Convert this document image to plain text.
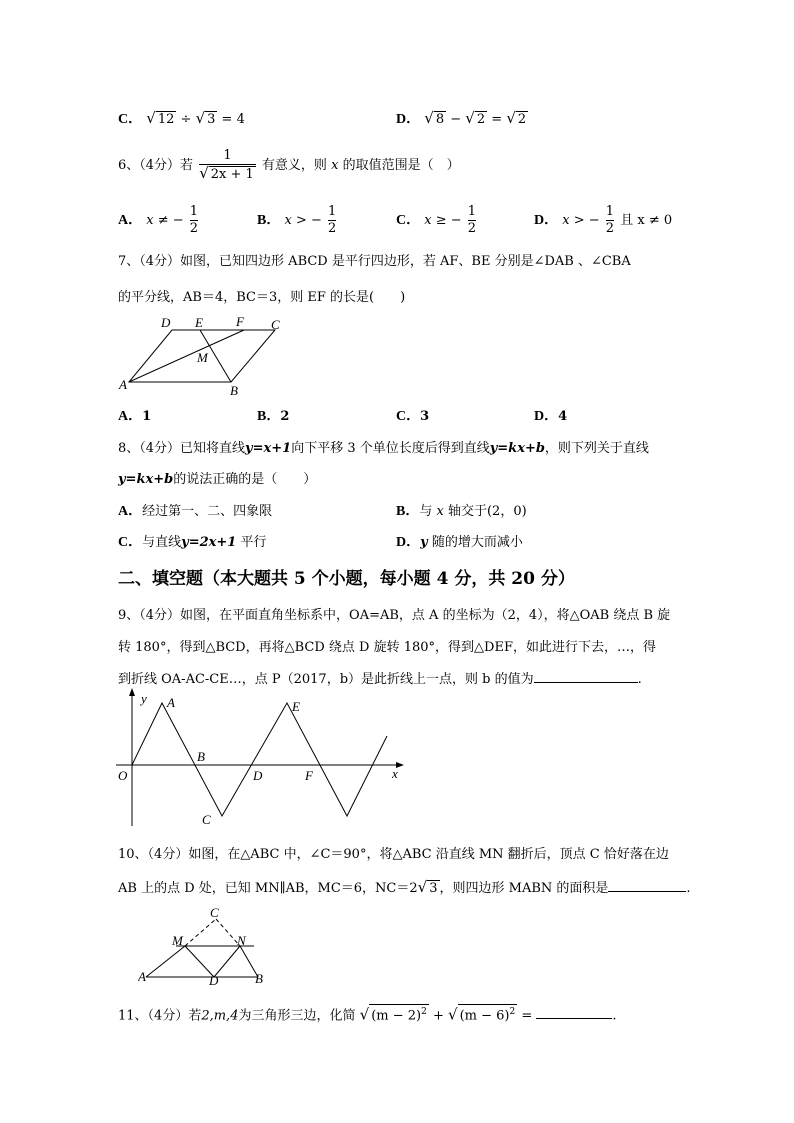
C． √ 12 ÷ √ 3 = 4	D． √ 8 − √ 2 = √ 2
6、（4分）若 $\frac{1}{√ 2x + 1}$ 有意义，则 x 的取值范围是（　）
A． x ≠ − $\frac{1}{2}$	B． x > − $\frac{1}{2}$	C． x ≥ − $\frac{1}{2}$	D． x > − $\frac{1}{2}$ 且 x ≠ 0
7、（4分）如图，已知四边形 ABCD 是平行四边形，若 AF、BE 分别是∠DAB 、∠CBA
的平分线，AB＝4，BC＝3，则 EF 的长是(　　)
D E	F C
M
A	B
A．1	B．2	C．3	D．4
8、（4分）已知将直线y=x+1向下平移 3 个单位长度后得到直线y=kx+b，则下列关于直线
y=kx+b的说法正确的是（　　）
A．经过第一、二、四象限	B．与 x 轴交于(2，0)
C．与直线y=2x+1 平行	D．y 随的增大而减小
二、填空题（本大题共 5 个小题，每小题 4 分，共 20 分）
9、（4分）如图，在平面直角坐标系中，OA=AB，点 A 的坐标为（2，4），将△OAB 绕点 B 旋
转 180°，得到△BCD，再将△BCD 绕点 D 旋转 180°，得到△DEF，如此进行下去，…，得
到折线 OA-AC-CE…，点 P（2017，b）是此折线上一点，则 b 的值为	.
y A	E
B
O	D	F	x
C
10、（4分）如图，在△ABC 中，∠C＝90°，将△ABC 沿直线 MN 翻折后，顶点 C 恰好落在边
AB 上的点 D 处，已知 MN∥AB，MC＝6，NC＝2√ 3 ，则四边形 MABN 的面积是	.
C
M	N
A	D	B
11、（4分）若2,m,4为三角形三边，化简 √ $(m - 2)^2$ + √ $(m - 6)^2$ =	.
